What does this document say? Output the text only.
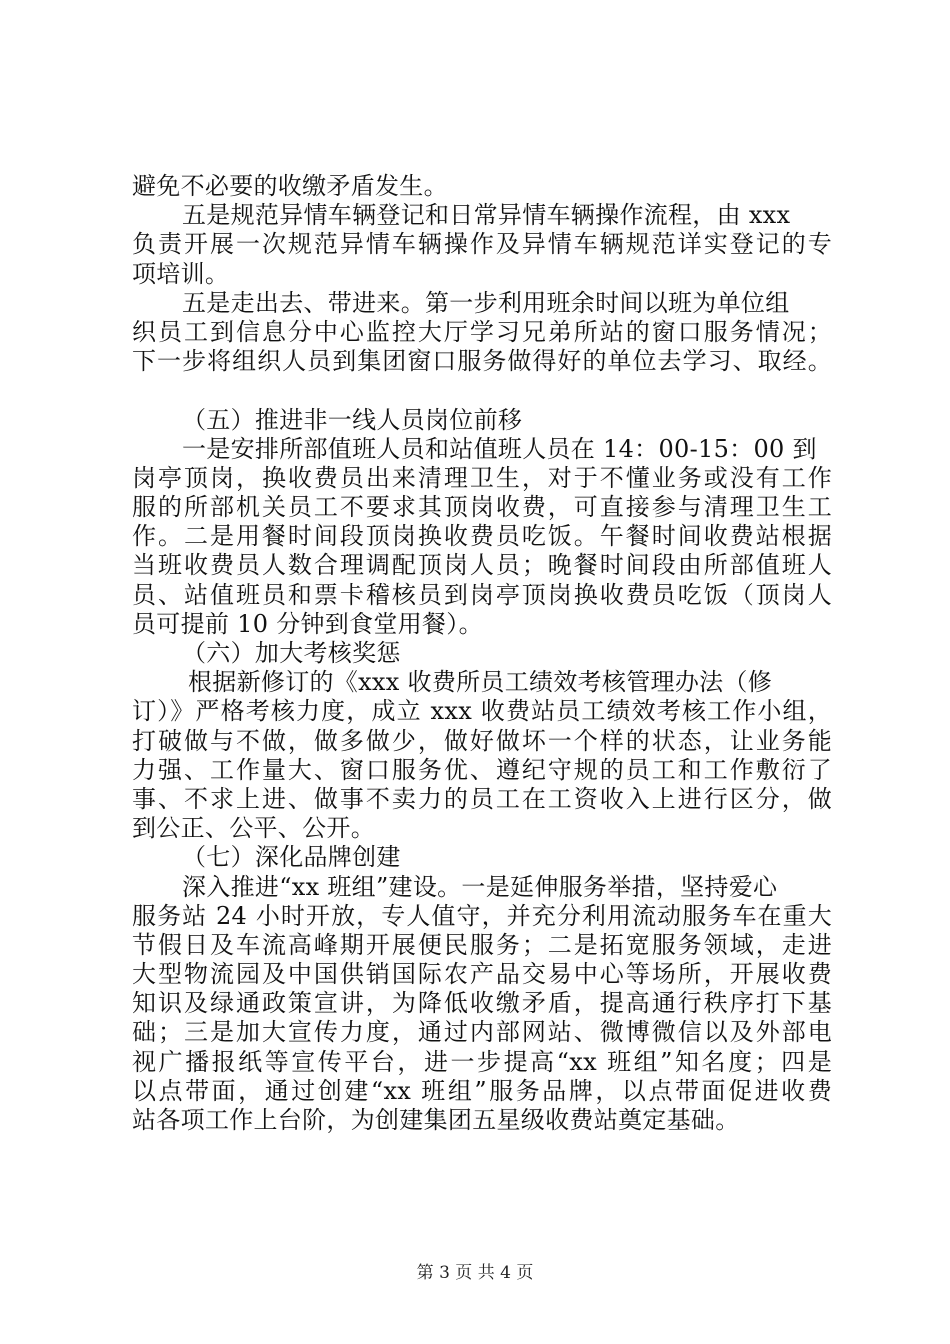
避免不必要的收缴矛盾发生。
五是规范异情车辆登记和日常异情车辆操作流程，由 xxx
负责开展一次规范异情车辆操作及异情车辆规范详实登记的专
项培训。
五是走出去、带进来。第一步利用班余时间以班为单位组
织员工到信息分中心监控大厅学习兄弟所站的窗口服务情况；
下一步将组织人员到集团窗口服务做得好的单位去学习、取经。
（五）推进非一线人员岗位前移
一是安排所部值班人员和站值班人员在 14：00-15：00 到
岗亭顶岗，换收费员出来清理卫生，对于不懂业务或没有工作
服的所部机关员工不要求其顶岗收费，可直接参与清理卫生工
作。二是用餐时间段顶岗换收费员吃饭。午餐时间收费站根据
当班收费员人数合理调配顶岗人员；晚餐时间段由所部值班人
员、站值班员和票卡稽核员到岗亭顶岗换收费员吃饭（顶岗人
员可提前 10 分钟到食堂用餐）。
（六）加大考核奖惩
根据新修订的《xxx 收费所员工绩效考核管理办法（修
订）》严格考核力度，成立 xxx 收费站员工绩效考核工作小组，
打破做与不做，做多做少，做好做坏一个样的状态，让业务能
力强、工作量大、窗口服务优、遵纪守规的员工和工作敷衍了
事、不求上进、做事不卖力的员工在工资收入上进行区分，做
到公正、公平、公开。
（七）深化品牌创建
深入推进“xx 班组”建设。一是延伸服务举措，坚持爱心
服务站 24 小时开放，专人值守，并充分利用流动服务车在重大
节假日及车流高峰期开展便民服务；二是拓宽服务领域，走进
大型物流园及中国供销国际农产品交易中心等场所，开展收费
知识及绿通政策宣讲，为降低收缴矛盾，提高通行秩序打下基
础；三是加大宣传力度，通过内部网站、微博微信以及外部电
视广播报纸等宣传平台，进一步提高“xx 班组”知名度；四是
以点带面，通过创建“xx 班组”服务品牌，以点带面促进收费
站各项工作上台阶，为创建集团五星级收费站奠定基础。
第 3 页 共 4 页
